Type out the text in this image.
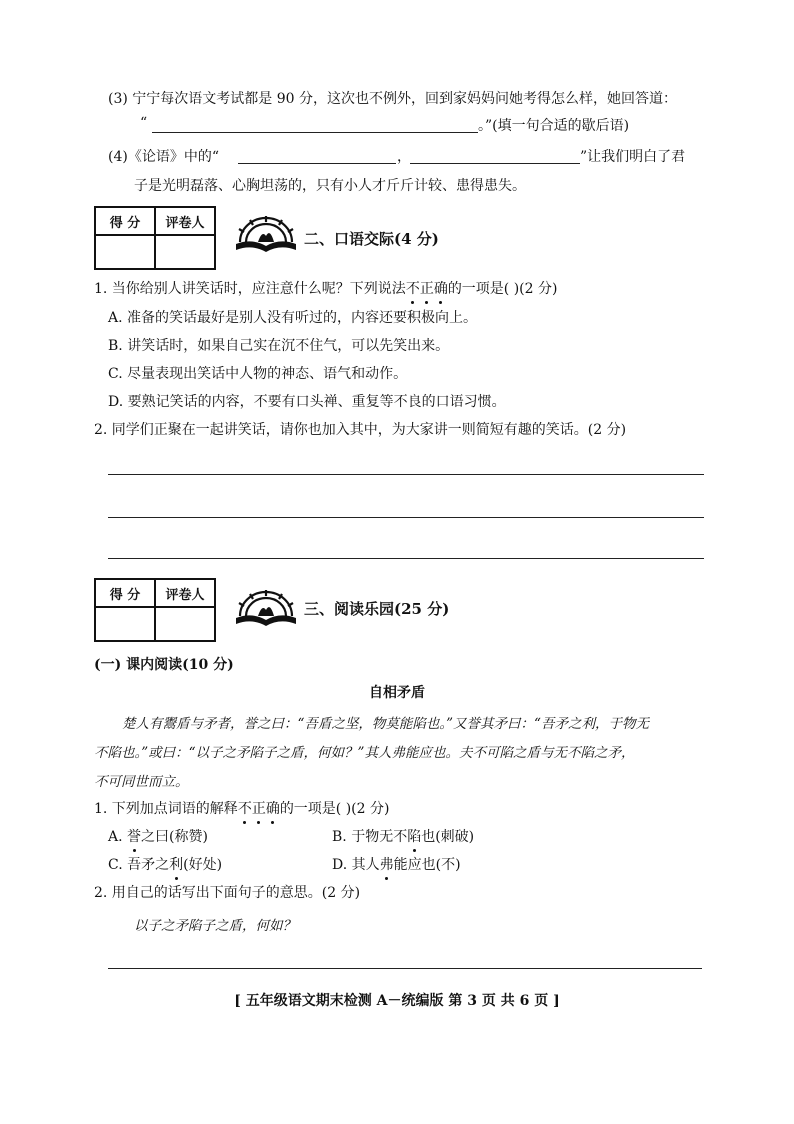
(3) 宁宁每次语文考试都是 90 分，这次也不例外，回到家妈妈问她考得怎么样，她回答道：
“	。”(填一句合适的歇后语)
(4)《论语》中的“	，	”让我们明白了君
子是光明磊落、心胸坦荡的，只有小人才斤斤计较、患得患失。
得 分	评卷人

二、口语交际(4 分)
1. 当你给别人讲笑话时，应注意什么呢？下列说法不正确的一项是( )(2 分)
A. 准备的笑话最好是别人没有听过的，内容还要积极向上。
B. 讲笑话时，如果自己实在沉不住气，可以先笑出来。
C. 尽量表现出笑话中人物的神态、语气和动作。
D. 要熟记笑话的内容，不要有口头禅、重复等不良的口语习惯。
2. 同学们正聚在一起讲笑话，请你也加入其中，为大家讲一则简短有趣的笑话。(2 分)
得 分	评卷人

三、阅读乐园(25 分)
(一) 课内阅读(10 分)
自相矛盾
楚人有鬻盾与矛者，誉之曰：“吾盾之坚，物莫能陷也。”又誉其矛曰：“吾矛之利，于物无
不陷也。”或曰：“以子之矛陷子之盾，何如？”其人弗能应也。夫不可陷之盾与无不陷之矛，
不可同世而立。
1. 下列加点词语的解释不正确的一项是( )(2 分)
A. 誉之曰(称赞)	B. 于物无不陷也(刺破)
C. 吾矛之利(好处)	D. 其人弗能应也(不)
2. 用自己的话写出下面句子的意思。(2 分)
以子之矛陷子之盾，何如？
[ 五年级语文期末检测 A－统编版 第 3 页 共 6 页 ]
